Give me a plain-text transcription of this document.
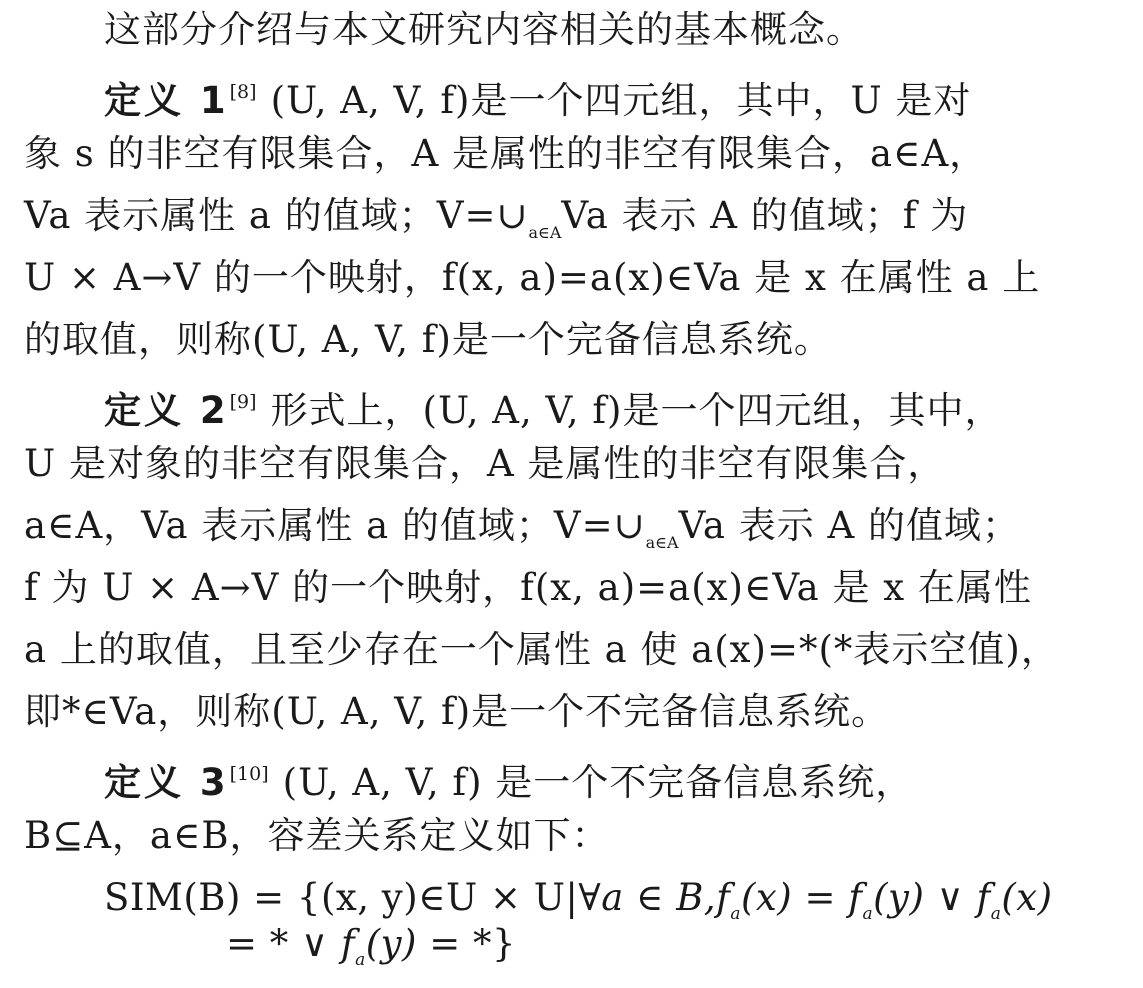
这部分介绍与本文研究内容相关的基本概念。
定义 1[8] (U, A, V, f)是一个四元组，其中，U 是对
象 s 的非空有限集合，A 是属性的非空有限集合，a∈A，
Va 表示属性 a 的值域；$V=\cup_{a\in A}Va$ 表示 A 的值域；f 为
U × A→V 的一个映射，f(x, a)=a(x)∈Va 是 x 在属性 a 上
的取值，则称(U, A, V, f)是一个完备信息系统。
定义 2[9] 形式上，(U, A, V, f)是一个四元组，其中，
U 是对象的非空有限集合，A 是属性的非空有限集合，
a∈A，Va 表示属性 a 的值域；$V=\cup_{a\in A}Va$ 表示 A 的值域；
f 为 U × A→V 的一个映射，f(x, a)=a(x)∈Va 是 x 在属性
a 上的取值，且至少存在一个属性 a 使 a(x)=*(*表示空值)，
即*∈Va，则称(U, A, V, f)是一个不完备信息系统。
定义 3[10] (U, A, V, f) 是一个不完备信息系统，
B⊆A，a∈B，容差关系定义如下：
SIM(B) = {(x, y)∈U × U|∀a ∈ $B,f_a(x) = f_a(y)$ ∨ $f_a(x)$
= * ∨ $f_a(y)$ = *}
